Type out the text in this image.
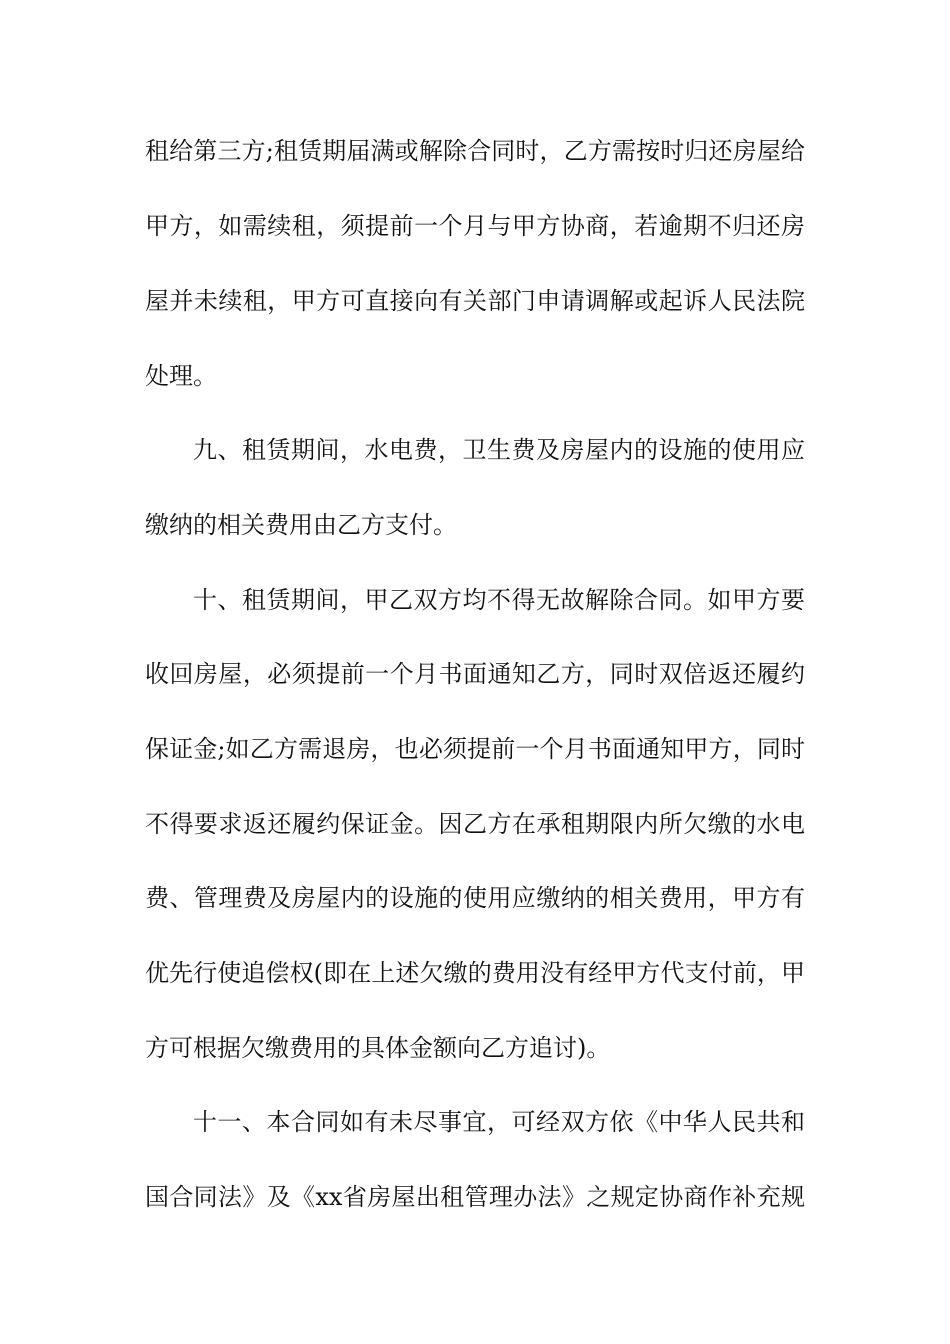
租给第三方;租赁期届满或解除合同时，乙方需按时归还房屋给
甲方，如需续租，须提前一个月与甲方协商，若逾期不归还房
屋并未续租，甲方可直接向有关部门申请调解或起诉人民法院
处理。
九、租赁期间，水电费，卫生费及房屋内的设施的使用应
缴纳的相关费用由乙方支付。
十、租赁期间，甲乙双方均不得无故解除合同。如甲方要
收回房屋，必须提前一个月书面通知乙方，同时双倍返还履约
保证金;如乙方需退房，也必须提前一个月书面通知甲方，同时
不得要求返还履约保证金。因乙方在承租期限内所欠缴的水电
费、管理费及房屋内的设施的使用应缴纳的相关费用，甲方有
优先行使追偿权(即在上述欠缴的费用没有经甲方代支付前，甲
方可根据欠缴费用的具体金额向乙方追讨)。
十一、本合同如有未尽事宜，可经双方依《中华人民共和
国合同法》及《xx省房屋出租管理办法》之规定协商作补充规
